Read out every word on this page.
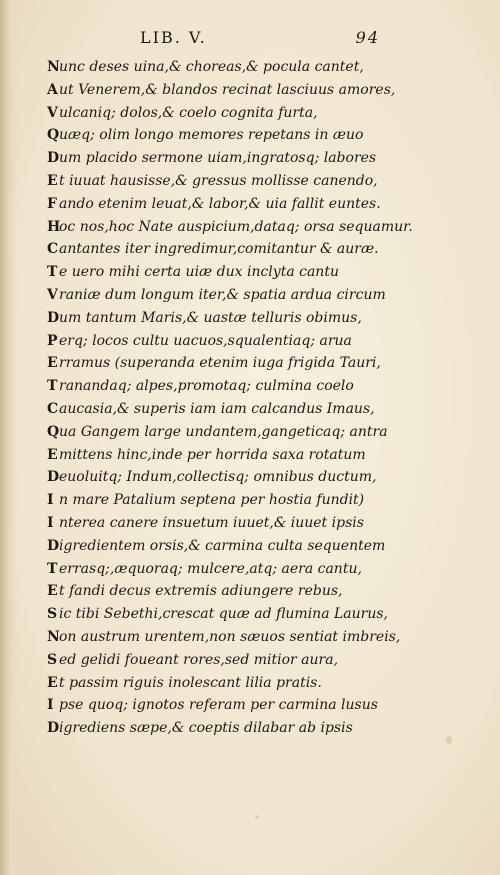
LIB. V.	94
Nunc deses uina,& choreas,& pocula cantet,
Aut Venerem,& blandos recinat lasciuus amores,
Vulcaniq; dolos,& coelo cognita furta,
Quæq; olim longo memores repetans in æuo
Dum placido sermone uiam,ingratosq; labores
Et iuuat hausisse,& gressus mollisse canendo,
F ando etenim leuat,& labor,& uia fallit euntes.
Hoc nos,hoc Nate auspicium,dataq; orsa sequamur.
Cantantes iter ingredimur,comitantur & auræ.
T e uero mihi certa uiæ dux inclyta cantu
Vraniæ dum longum iter,& spatia ardua circum
Dum tantum Maris,& uastæ telluris obimus,
Perq; locos cultu uacuos,squalentiaq; arua
Erramus (superanda etenim iuga frigida Tauri,
T ranandaq; alpes,promotaq; culmina coelo
Caucasia,& superis iam iam calcandus Imaus,
Qua Gangem large undantem,gangeticaq; antra
Emittens hinc,inde per horrida saxa rotatum
Deuoluitq; Indum,collectisq; omnibus ductum,
I n mare Patalium septena per hostia fundit)
I nterea canere insuetum iuuet,& iuuet ipsis
Digredientem orsis,& carmina culta sequentem
T errasq;,æquoraq; mulcere,atq; aera cantu,
Et fandi decus extremis adiungere rebus,
S ic tibi Sebethi,crescat quæ ad flumina Laurus,
Non austrum urentem,non sæuos sentiat imbreis,
S ed gelidi foueant rores,sed mitior aura,
Et passim riguis inolescant lilia pratis.
I pse quoq; ignotos referam per carmina lusus
Digrediens sæpe,& coeptis dilabar ab ipsis
